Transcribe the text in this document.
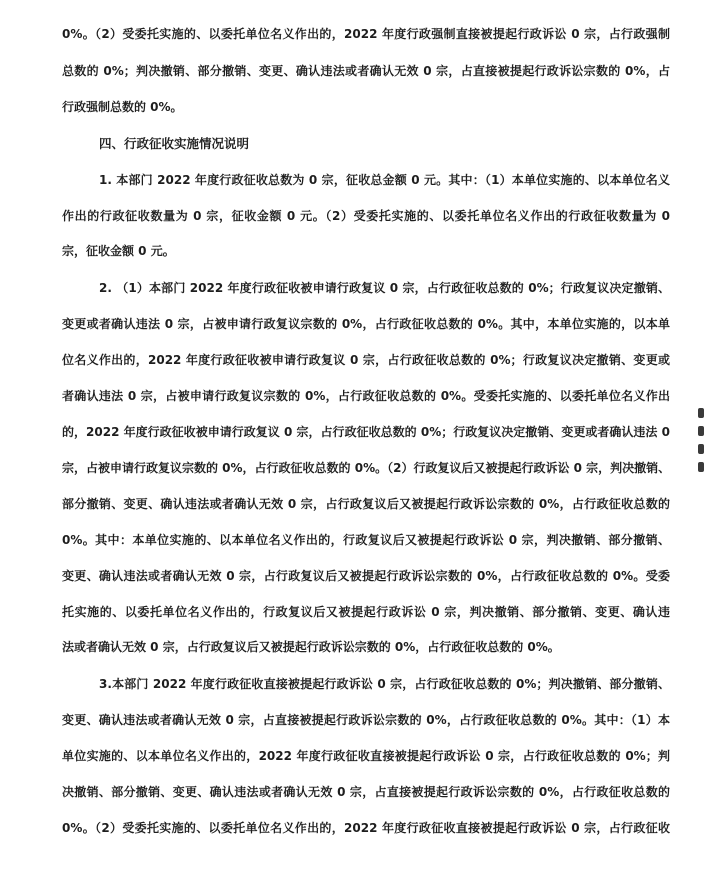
0%。（2）受委托实施的、以委托单位名义作出的，2022 年度行政强制直接被提起行政诉讼 0 宗，占行政强制
总数的 0%；判决撤销、部分撤销、变更、确认违法或者确认无效 0 宗，占直接被提起行政诉讼宗数的 0%，占
行政强制总数的 0%。
四、行政征收实施情况说明
1. 本部门 2022 年度行政征收总数为 0 宗，征收总金额 0 元。其中：（1）本单位实施的、以本单位名义
作出的行政征收数量为 0 宗，征收金额 0 元。（2）受委托实施的、以委托单位名义作出的行政征收数量为 0
宗，征收金额 0 元。
2. （1）本部门 2022 年度行政征收被申请行政复议 0 宗，占行政征收总数的 0%；行政复议决定撤销、
变更或者确认违法 0 宗，占被申请行政复议宗数的 0%，占行政征收总数的 0%。其中，本单位实施的，以本单
位名义作出的，2022 年度行政征收被申请行政复议 0 宗，占行政征收总数的 0%；行政复议决定撤销、变更或
者确认违法 0 宗，占被申请行政复议宗数的 0%，占行政征收总数的 0%。受委托实施的、以委托单位名义作出
的，2022 年度行政征收被申请行政复议 0 宗，占行政征收总数的 0%；行政复议决定撤销、变更或者确认违法 0
宗，占被申请行政复议宗数的 0%，占行政征收总数的 0%。（2）行政复议后又被提起行政诉讼 0 宗，判决撤销、
部分撤销、变更、确认违法或者确认无效 0 宗，占行政复议后又被提起行政诉讼宗数的 0%，占行政征收总数的
0%。其中：本单位实施的、以本单位名义作出的，行政复议后又被提起行政诉讼 0 宗，判决撤销、部分撤销、
变更、确认违法或者确认无效 0 宗，占行政复议后又被提起行政诉讼宗数的 0%，占行政征收总数的 0%。受委
托实施的、以委托单位名义作出的，行政复议后又被提起行政诉讼 0 宗，判决撤销、部分撤销、变更、确认违
法或者确认无效 0 宗，占行政复议后又被提起行政诉讼宗数的 0%，占行政征收总数的 0%。
3.本部门 2022 年度行政征收直接被提起行政诉讼 0 宗，占行政征收总数的 0%；判决撤销、部分撤销、
变更、确认违法或者确认无效 0 宗，占直接被提起行政诉讼宗数的 0%，占行政征收总数的 0%。其中：（1）本
单位实施的、以本单位名义作出的，2022 年度行政征收直接被提起行政诉讼 0 宗，占行政征收总数的 0%；判
决撤销、部分撤销、变更、确认违法或者确认无效 0 宗，占直接被提起行政诉讼宗数的 0%，占行政征收总数的
0%。（2）受委托实施的、以委托单位名义作出的，2022 年度行政征收直接被提起行政诉讼 0 宗，占行政征收
